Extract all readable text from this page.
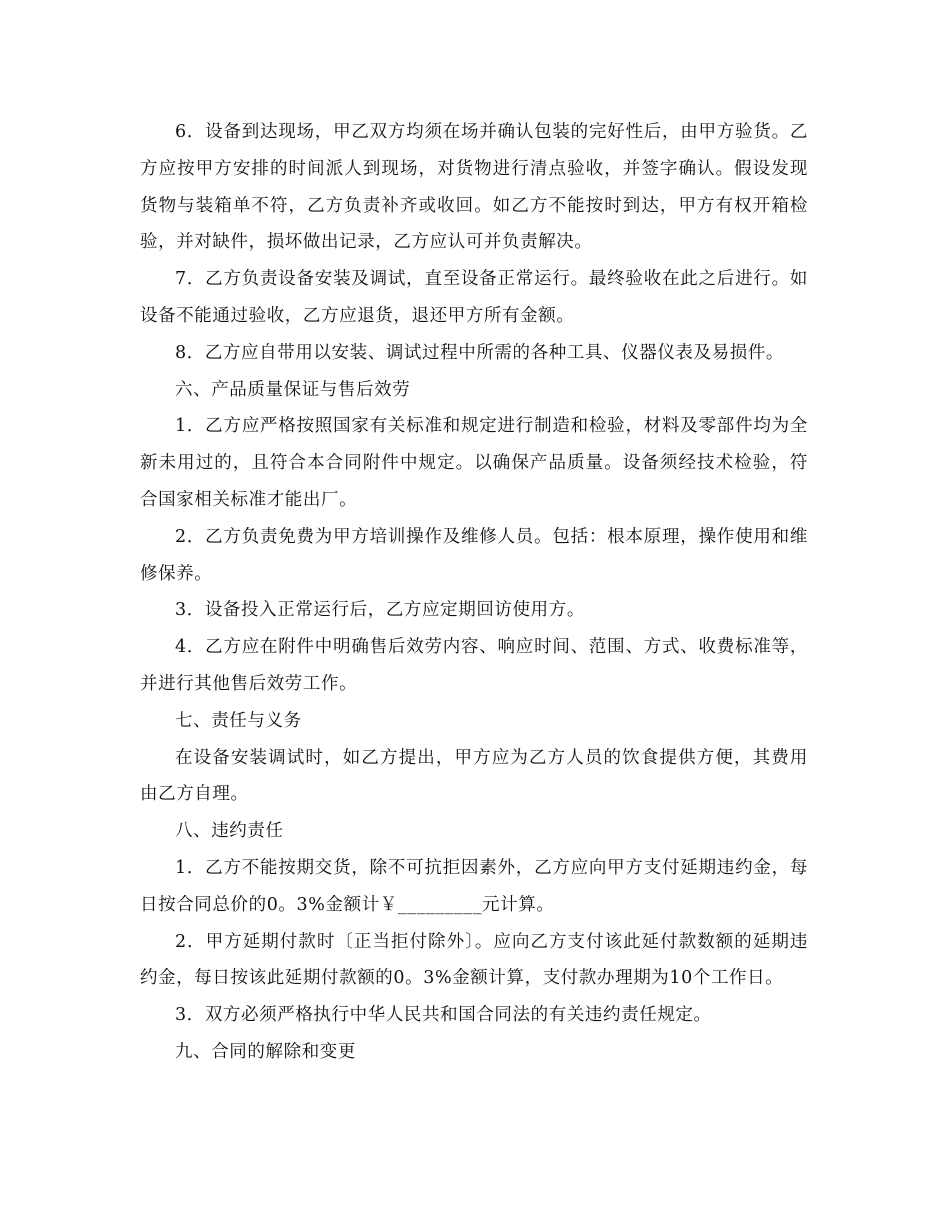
6．设备到达现场，甲乙双方均须在场并确认包装的完好性后，由甲方验货。乙方应按甲方安排的时间派人到现场，对货物进行清点验收，并签字确认。假设发现货物与装箱单不符，乙方负责补齐或收回。如乙方不能按时到达，甲方有权开箱检验，并对缺件，损坏做出记录，乙方应认可并负责解决。

7．乙方负责设备安装及调试，直至设备正常运行。最终验收在此之后进行。如设备不能通过验收，乙方应退货，退还甲方所有金额。

8．乙方应自带用以安装、调试过程中所需的各种工具、仪器仪表及易损件。

六、产品质量保证与售后效劳

1．乙方应严格按照国家有关标准和规定进行制造和检验，材料及零部件均为全新未用过的，且符合本合同附件中规定。以确保产品质量。设备须经技术检验，符合国家相关标准才能出厂。

2．乙方负责免费为甲方培训操作及维修人员。包括：根本原理，操作使用和维修保养。

3．设备投入正常运行后，乙方应定期回访使用方。

4．乙方应在附件中明确售后效劳内容、响应时间、范围、方式、收费标准等，并进行其他售后效劳工作。

七、责任与义务

在设备安装调试时，如乙方提出，甲方应为乙方人员的饮食提供方便，其费用由乙方自理。

八、违约责任

1．乙方不能按期交货，除不可抗拒因素外，乙方应向甲方支付延期违约金，每日按合同总价的0。3%金额计￥_________元计算。

2．甲方延期付款时〔正当拒付除外〕。应向乙方支付该此延付款数额的延期违约金，每日按该此延期付款额的0。3%金额计算，支付款办理期为10个工作日。

3．双方必须严格执行中华人民共和国合同法的有关违约责任规定。

九、合同的解除和变更
